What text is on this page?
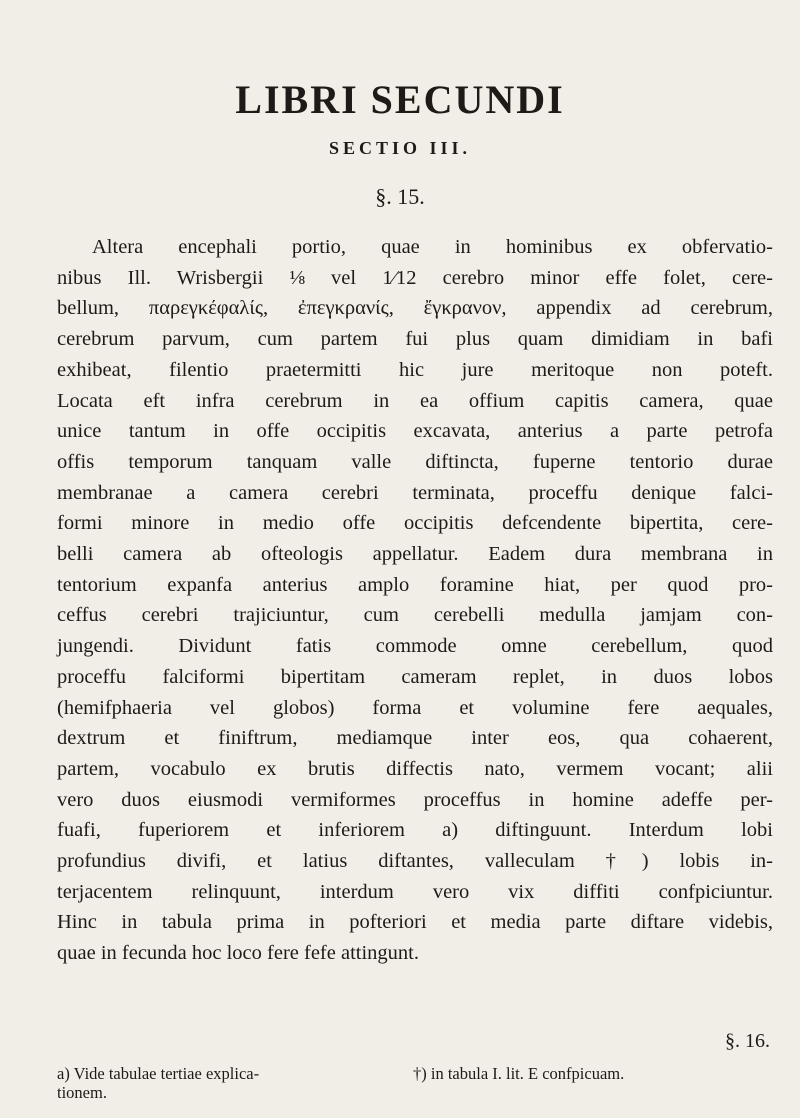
LIBRI SECUNDI
SECTIO III.
§. 15.
Altera encephali portio, quae in hominibus ex obfervatio-
nibus Ill. Wrisbergii ⅛ vel 1⁄12 cerebro minor effe folet, cere-
bellum, παρεγκέφαλίς, ἐπεγκρανίς, ἔγκρανον, appendix ad cerebrum,
cerebrum parvum, cum partem fui plus quam dimidiam in bafi
exhibeat, filentio praetermitti hic jure meritoque non poteft.
Locata eft infra cerebrum in ea offium capitis camera, quae
unice tantum in offe occipitis excavata, anterius a parte petrofa
offis temporum tanquam valle diftincta, fuperne tentorio durae
membranae a camera cerebri terminata, proceffu denique falci-
formi minore in medio offe occipitis defcendente bipertita, cere-
belli camera ab ofteologis appellatur. Eadem dura membrana in
tentorium expanfa anterius amplo foramine hiat, per quod pro-
ceffus cerebri trajiciuntur, cum cerebelli medulla jamjam con-
jungendi. Dividunt fatis commode omne cerebellum, quod
proceffu falciformi bipertitam cameram replet, in duos lobos
(hemifphaeria vel globos) forma et volumine fere aequales,
dextrum et finiftrum, mediamque inter eos, qua cohaerent,
partem, vocabulo ex brutis diffectis nato, vermem vocant; alii
vero duos eiusmodi vermiformes proceffus in homine adeffe per-
fuafi, fuperiorem et inferiorem a) diftinguunt. Interdum lobi
profundius divifi, et latius diftantes, valleculam †) lobis in-
terjacentem relinquunt, interdum vero vix diffiti confpiciuntur.
Hinc in tabula prima in pofteriori et media parte diftare videbis,
quae in fecunda hoc loco fere fefe attingunt.
§. 16.
a) Vide tabulae tertiae explica-
tionem.
†) in tabula I. lit. E confpicuam.
